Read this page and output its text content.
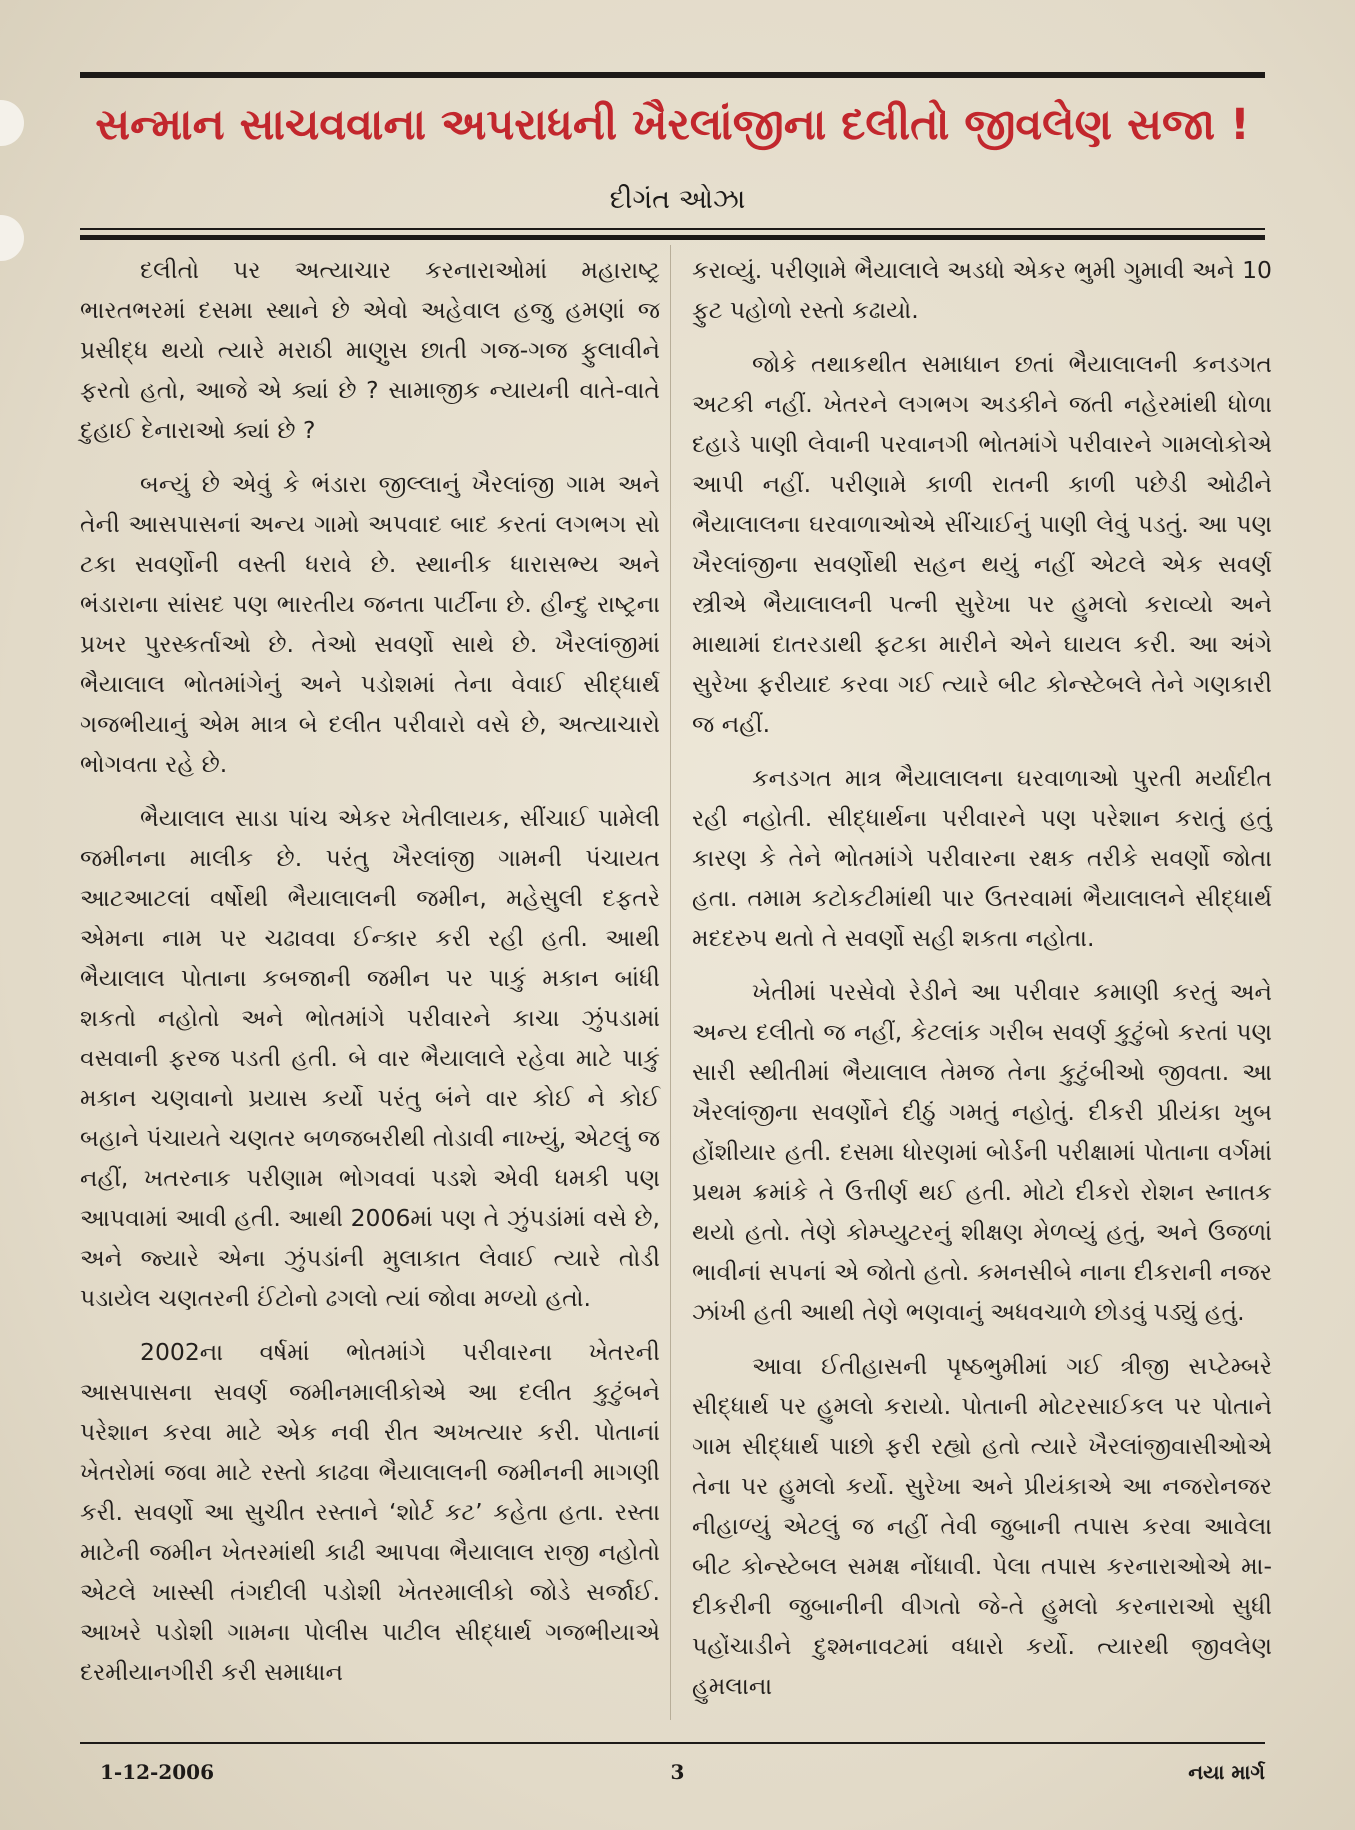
સન્માન સાચવવાના અપરાધની ખૈરલાંજીના દલીતો જીવલેણ સજા !
દીગંત ઓઝા

દલીતો પર અત્યાચાર કરનારાઓમાં મહારાષ્ટ્ર ભારતભરમાં દસમા સ્થાને છે એવો અહેવાલ હજુ હમણાં જ પ્રસીદ્ધ થયો ત્યારે મરાઠી માણુસ છાતી ગજ-ગજ ફુલાવીને ફરતો હતો, આજે એ ક્યાં છે ? સામાજીક ન્યાયની વાતે-વાતે દુહાઈ દેનારાઓ ક્યાં છે ?

બન્યું છે એવું કે ભંડારા જીલ્લાનું ખૈરલાંજી ગામ અને તેની આસપાસનાં અન્ય ગામો અપવાદ બાદ કરતાં લગભગ સો ટકા સવર્ણોની વસ્તી ધરાવે છે. સ્થાનીક ધારાસભ્ય અને ભંડારાના સાંસદ પણ ભારતીય જનતા પાર્ટીના છે. હીન્દુ રાષ્ટ્રના પ્રખર પુરસ્કર્તાઓ છે. તેઓ સવર્ણો સાથે છે. ખૈરલાંજીમાં ભૈયાલાલ ભોતમાંગેનું અને પડોશમાં તેના વેવાઈ સીદ્ધાર્થ ગજભીયાનું એમ માત્ર બે દલીત પરીવારો વસે છે, અત્યાચારો ભોગવતા રહે છે.

ભૈયાલાલ સાડા પાંચ એકર ખેતીલાયક, સીંચાઈ પામેલી જમીનના માલીક છે. પરંતુ ખૈરલાંજી ગામની પંચાયત આટઆટલાં વર્ષોથી ભૈયાલાલની જમીન, મહેસુલી દફતરે એમના નામ પર ચઢાવવા ઈન્કાર કરી રહી હતી. આથી ભૈયાલાલ પોતાના કબજાની જમીન પર પાકું મકાન બાંધી શકતો નહોતો અને ભોતમાંગે પરીવારને કાચા ઝુંપડામાં વસવાની ફરજ પડતી હતી. બે વાર ભૈયાલાલે રહેવા માટે પાકું મકાન ચણવાનો પ્રયાસ કર્યો પરંતુ બંને વાર કોઈ ને કોઈ બહાને પંચાયતે ચણતર બળજબરીથી તોડાવી નાખ્યું, એટલું જ નહીં, ખતરનાક પરીણામ ભોગવવાં પડશે એવી ધમકી પણ આપવામાં આવી હતી. આથી 2006માં પણ તે ઝુંપડાંમાં વસે છે, અને જ્યારે એના ઝુંપડાંની મુલાકાત લેવાઈ ત્યારે તોડી પડાયેલ ચણતરની ઈંટોનો ઢગલો ત્યાં જોવા મળ્યો હતો.

2002ના વર્ષમાં ભોતમાંગે પરીવારના ખેતરની આસપાસના સવર્ણ જમીનમાલીકોએ આ દલીત કુટુંબને પરેશાન કરવા માટે એક નવી રીત અખત્યાર કરી. પોતાનાં ખેતરોમાં જવા માટે રસ્તો કાઢવા ભૈયાલાલની જમીનની માગણી કરી. સવર્ણો આ સુચીત રસ્તાને ‘શોર્ટ કટ’ કહેતા હતા. રસ્તા માટેની જમીન ખેતરમાંથી કાઢી આપવા ભૈયાલાલ રાજી નહોતો એટલે ખાસ્સી તંગદીલી પડોશી ખેતરમાલીકો જોડે સર્જાઈ. આખરે પડોશી ગામના પોલીસ પાટીલ સીદ્ધાર્થ ગજભીયાએ દરમીયાનગીરી કરી સમાધાન

કરાવ્યું. પરીણામે ભૈયાલાલે અડધો એકર ભુમી ગુમાવી અને 10 ફુટ પહોળો રસ્તો કઢાયો.

જોકે તથાકથીત સમાધાન છતાં ભૈયાલાલની કનડગત અટકી નહીં. ખેતરને લગભગ અડકીને જતી નહેરમાંથી ધોળા દહાડે પાણી લેવાની પરવાનગી ભોતમાંગે પરીવારને ગામલોકોએ આપી નહીં. પરીણામે કાળી રાતની કાળી પછેડી ઓઢીને ભૈયાલાલના ઘરવાળાઓએ સીંચાઈનું પાણી લેવું પડતું. આ પણ ખૈરલાંજીના સવર્ણોથી સહન થયું નહીં એટલે એક સવર્ણ સ્ત્રીએ ભૈયાલાલની પત્ની સુરેખા પર હુમલો કરાવ્યો અને માથામાં દાતરડાથી ફટકા મારીને એને ઘાયલ કરી. આ અંગે સુરેખા ફરીયાદ કરવા ગઈ ત્યારે બીટ કોન્સ્ટેબલે તેને ગણકારી જ નહીં.

કનડગત માત્ર ભૈયાલાલના ઘરવાળાઓ પુરતી મર્યાદીત રહી નહોતી. સીદ્ધાર્થના પરીવારને પણ પરેશાન કરાતું હતું કારણ કે તેને ભોતમાંગે પરીવારના રક્ષક તરીકે સવર્ણો જોતા હતા. તમામ કટોકટીમાંથી પાર ઉતરવામાં ભૈયાલાલને સીદ્ધાર્થ મદદરુપ થતો તે સવર્ણો સહી શકતા નહોતા.

ખેતીમાં પરસેવો રેડીને આ પરીવાર કમાણી કરતું અને અન્ય દલીતો જ નહીં, કેટલાંક ગરીબ સવર્ણ કુટુંબો કરતાં પણ સારી સ્થીતીમાં ભૈયાલાલ તેમજ તેના કુટુંબીઓ જીવતા. આ ખૈરલાંજીના સવર્ણોને દીઠું ગમતું નહોતું. દીકરી પ્રીયંકા ખુબ હોંશીયાર હતી. દસમા ધોરણમાં બોર્ડની પરીક્ષામાં પોતાના વર્ગમાં પ્રથમ ક્રમાંકે તે ઉત્તીર્ણ થઈ હતી. મોટો દીકરો રોશન સ્નાતક થયો હતો. તેણે કોમ્પ્યુટરનું શીક્ષણ મેળવ્યું હતું, અને ઉજળાં ભાવીનાં સપનાં એ જોતો હતો. કમનસીબે નાના દીકરાની નજર ઝાંખી હતી આથી તેણે ભણવાનું અધવચાળે છોડવું પડ્યું હતું.

આવા ઈતીહાસની પૃષ્ઠભુમીમાં ગઈ ત્રીજી સપ્ટેમ્બરે સીદ્ધાર્થ પર હુમલો કરાયો. પોતાની મોટરસાઈકલ પર પોતાને ગામ સીદ્ધાર્થ પાછો ફરી રહ્યો હતો ત્યારે ખૈરલાંજીવાસીઓએ તેના પર હુમલો કર્યો. સુરેખા અને પ્રીયંકાએ આ નજરોનજર નીહાળ્યું એટલું જ નહીં તેવી જુબાની તપાસ કરવા આવેલા બીટ કોન્સ્ટેબલ સમક્ષ નોંધાવી. પેલા તપાસ કરનારાઓએ મા-દીકરીની જુબાનીની વીગતો જે-તે હુમલો કરનારાઓ સુધી પહોંચાડીને દુશ્મનાવટમાં વધારો કર્યો. ત્યારથી જીવલેણ હુમલાના

1-12-2006	3	નયા માર્ગ
